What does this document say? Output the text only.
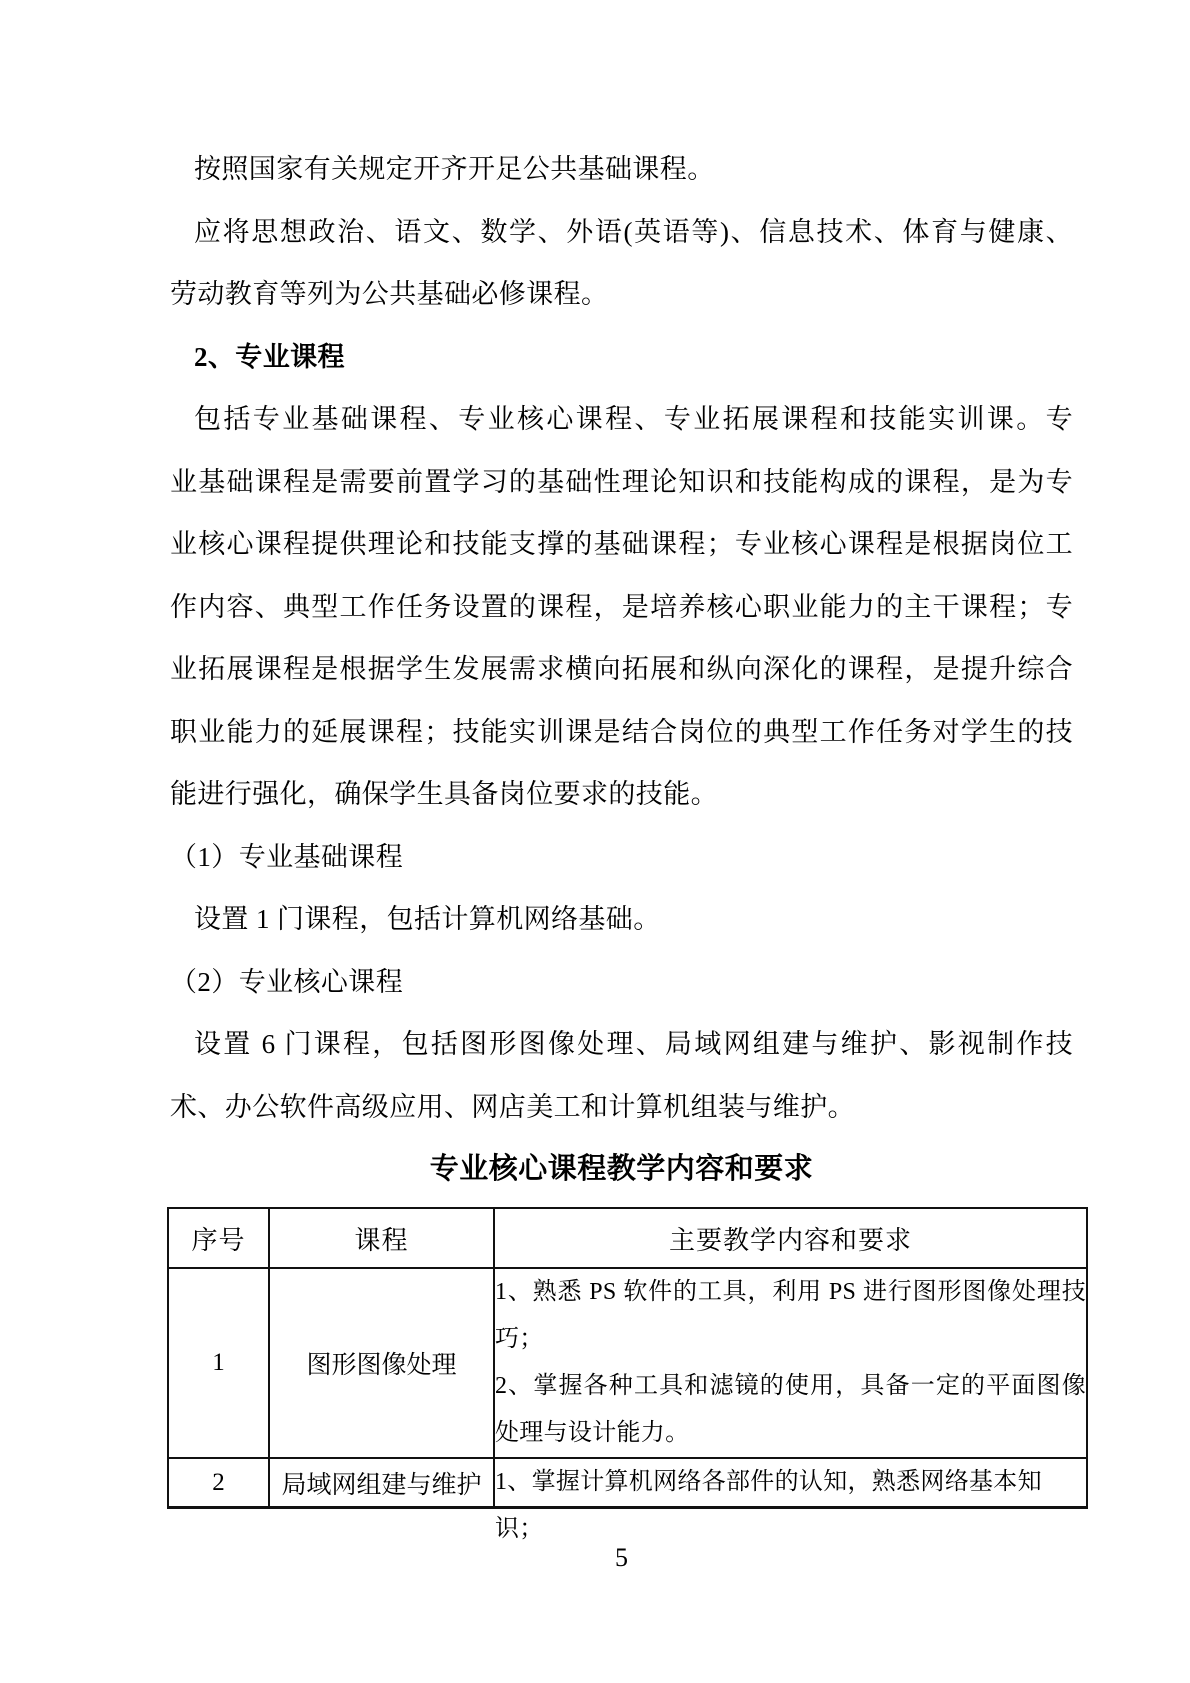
按照国家有关规定开齐开足公共基础课程。
应将思想政治、语文、数学、外语(英语等)、信息技术、体育与健康、
劳动教育等列为公共基础必修课程。
2、专业课程
包括专业基础课程、专业核心课程、专业拓展课程和技能实训课。专
业基础课程是需要前置学习的基础性理论知识和技能构成的课程，是为专
业核心课程提供理论和技能支撑的基础课程；专业核心课程是根据岗位工
作内容、典型工作任务设置的课程，是培养核心职业能力的主干课程；专
业拓展课程是根据学生发展需求横向拓展和纵向深化的课程，是提升综合
职业能力的延展课程；技能实训课是结合岗位的典型工作任务对学生的技
能进行强化，确保学生具备岗位要求的技能。
（1）专业基础课程
设置 1 门课程，包括计算机网络基础。
（2）专业核心课程
设置 6 门课程，包括图形图像处理、局域网组建与维护、影视制作技
术、办公软件高级应用、网店美工和计算机组装与维护。
专业核心课程教学内容和要求
序号	课程	主要教学内容和要求
1	图形图像处理	1、熟悉 PS 软件的工具，利用 PS 进行图形图像处理技
巧；
2、掌握各种工具和滤镜的使用，具备一定的平面图像
处理与设计能力。

2	局域网组建与维护	1、掌握计算机网络各部件的认知，熟悉网络基本知识；
5
